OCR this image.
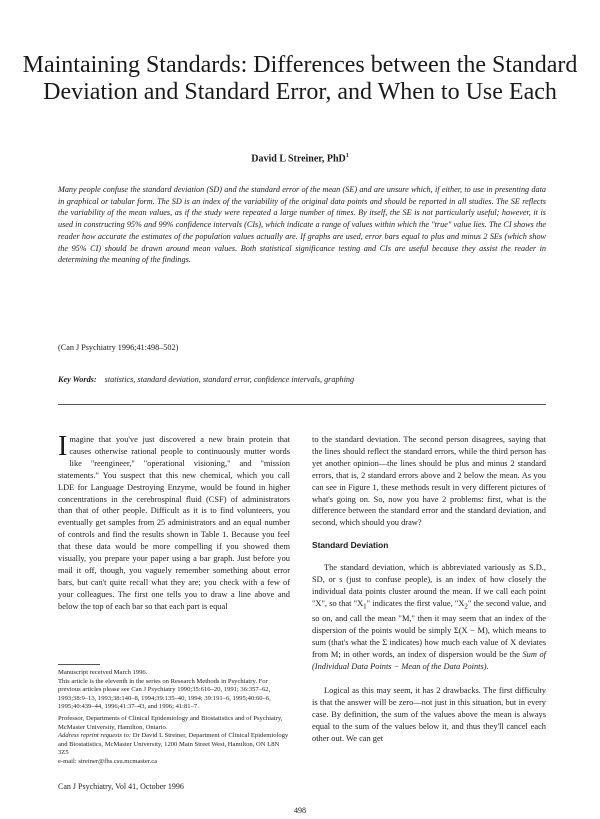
Maintaining Standards: Differences between the Standard Deviation and Standard Error, and When to Use Each
David L Streiner, PhD$^1$

Many people confuse the standard deviation (SD) and the standard error of the mean (SE) and are unsure which, if either, to use in presenting data in graphical or tabular form. The SD is an index of the variability of the original data points and should be reported in all studies. The SE reflects the variability of the mean values, as if the study were repeated a large number of times. By itself, the SE is not particularly useful; however, it is used in constructing 95% and 99% confidence intervals (CIs), which indicate a range of values within which the "true" value lies. The CI shows the reader how accurate the estimates of the population values actually are. If graphs are used, error bars equal to plus and minus 2 SEs (which show the 95% CI) should be drawn around mean values. Both statistical significance testing and CIs are useful because they assist the reader in determining the meaning of the findings.

(Can J Psychiatry 1996;41:498–502)
Key Words: statistics, standard deviation, standard error, confidence intervals, graphing

Imagine that you've just discovered a new brain protein that causes otherwise rational people to continuously mutter words like "reengineer," "operational visioning," and "mission statements." You suspect that this new chemical, which you call LDE for Language Destroying Enzyme, would be found in higher concentrations in the cerebrospinal fluid (CSF) of administrators than that of other people. Difficult as it is to find volunteers, you eventually get samples from 25 administrators and an equal number of controls and find the results shown in Table 1. Because you feel that these data would be more compelling if you showed them visually, you prepare your paper using a bar graph. Just before you mail it off, though, you vaguely remember something about error bars, but can't quite recall what they are; you check with a few of your colleagues. The first one tells you to draw a line above and below the top of each bar so that each part is equal

to the standard deviation. The second person disagrees, saying that the lines should reflect the standard errors, while the third person has yet another opinion—the lines should be plus and minus 2 standard errors, that is, 2 standard errors above and 2 below the mean. As you can see in Figure 1, these methods result in very different pictures of what's going on. So, now you have 2 problems: first, what is the difference between the standard error and the standard deviation, and second, which should you draw?

Standard Deviation

The standard deviation, which is abbreviated variously as S.D., SD, or s (just to confuse people), is an index of how closely the individual data points cluster around the mean. If we call each point "X", so that "$X_1$" indicates the first value, "$X_2$" the second value, and so on, and call the mean "M," then it may seem that an index of the dispersion of the points would be simply Σ(X − M), which means to sum (that's what the Σ indicates) how much each value of X deviates from M; in other words, an index of dispersion would be the Sum of (Individual Data Points − Mean of the Data Points).

Logical as this may seem, it has 2 drawbacks. The first difficulty is that the answer will be zero—not just in this situation, but in every case. By definition, the sum of the values above the mean is always equal to the sum of the values below it, and thus they'll cancel each other out. We can get

Manuscript received March 1996.

This article is the eleventh in the series on Research Methods in Psychiatry. For previous articles please see Can J Psychiatry 1990;35:616–20, 1991; 36:357–62, 1993;38:9–13, 1993;38:140–8, 1994;39:135–40, 1994; 39:191–6, 1995;40:60–6, 1995;40:439–44, 1996;41:37–43, and 1996; 41:81–7.

Professor, Departments of Clinical Epidemiology and Biostatistics and of Psychiatry, McMaster University, Hamilton, Ontario.

Address reprint requests to: Dr David L Streiner, Department of Clinical Epidemiology and Biostatistics, McMaster University, 1200 Main Street West, Hamilton, ON L8N 3Z5

e-mail: streiner@fhs.csu.mcmaster.ca

Can J Psychiatry, Vol 41, October 1996
498
